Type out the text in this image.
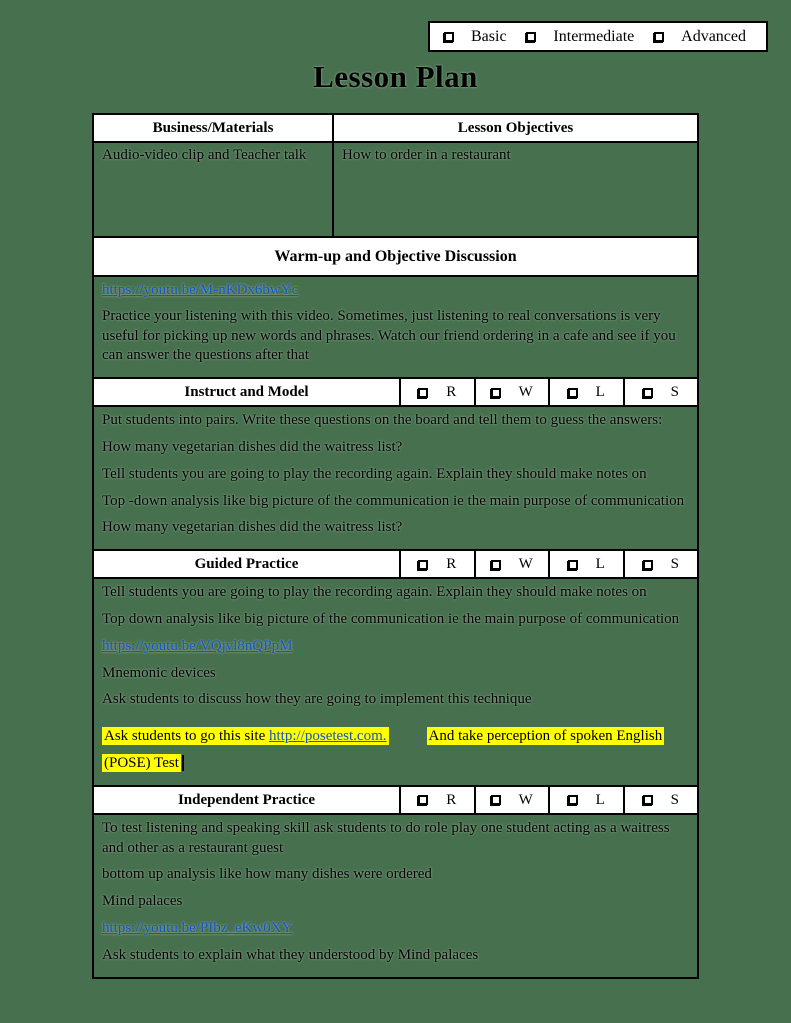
Basic	Intermediate	Advanced
Lesson Plan
Business/Materials	Lesson Objectives
Audio-video clip and Teacher talk	How to order in a restaurant
Warm-up and Objective Discussion

https://youtu.be/M-nKDx6bwYc

Practice your listening with this video. Sometimes, just listening to real conversations is very useful for picking up new words and phrases. Watch our friend ordering in a cafe and see if you can answer the questions after that

Instruct and Model	R	W	L	S

Put students into pairs. Write these questions on the board and tell them to guess the answers:

How many vegetarian dishes did the waitress list?

Tell students you are going to play the recording again. Explain they should make notes on

Top -down analysis like big picture of the communication ie the main purpose of communication

How many vegetarian dishes did the waitress list?

Guided Practice	R	W	L	S

Tell students you are going to play the recording again. Explain they should make notes on

Top down analysis like big picture of the communication ie the main purpose of communication

https://youtu.be/VQjvl8nQPpM

Mnemonic devices

Ask students to discuss how they are going to implement this technique

Ask students to go this site http://posetest.com.	And take perception of spoken English

(POSE) Test

Independent Practice	R	W	L	S

To test listening and speaking skill ask students to do role play one student acting as a waitress and other as a restaurant guest

bottom up analysis like how many dishes were ordered

Mind palaces

https://youtu.be/PIbz_eKw0XY

Ask students to explain what they understood by Mind palaces
